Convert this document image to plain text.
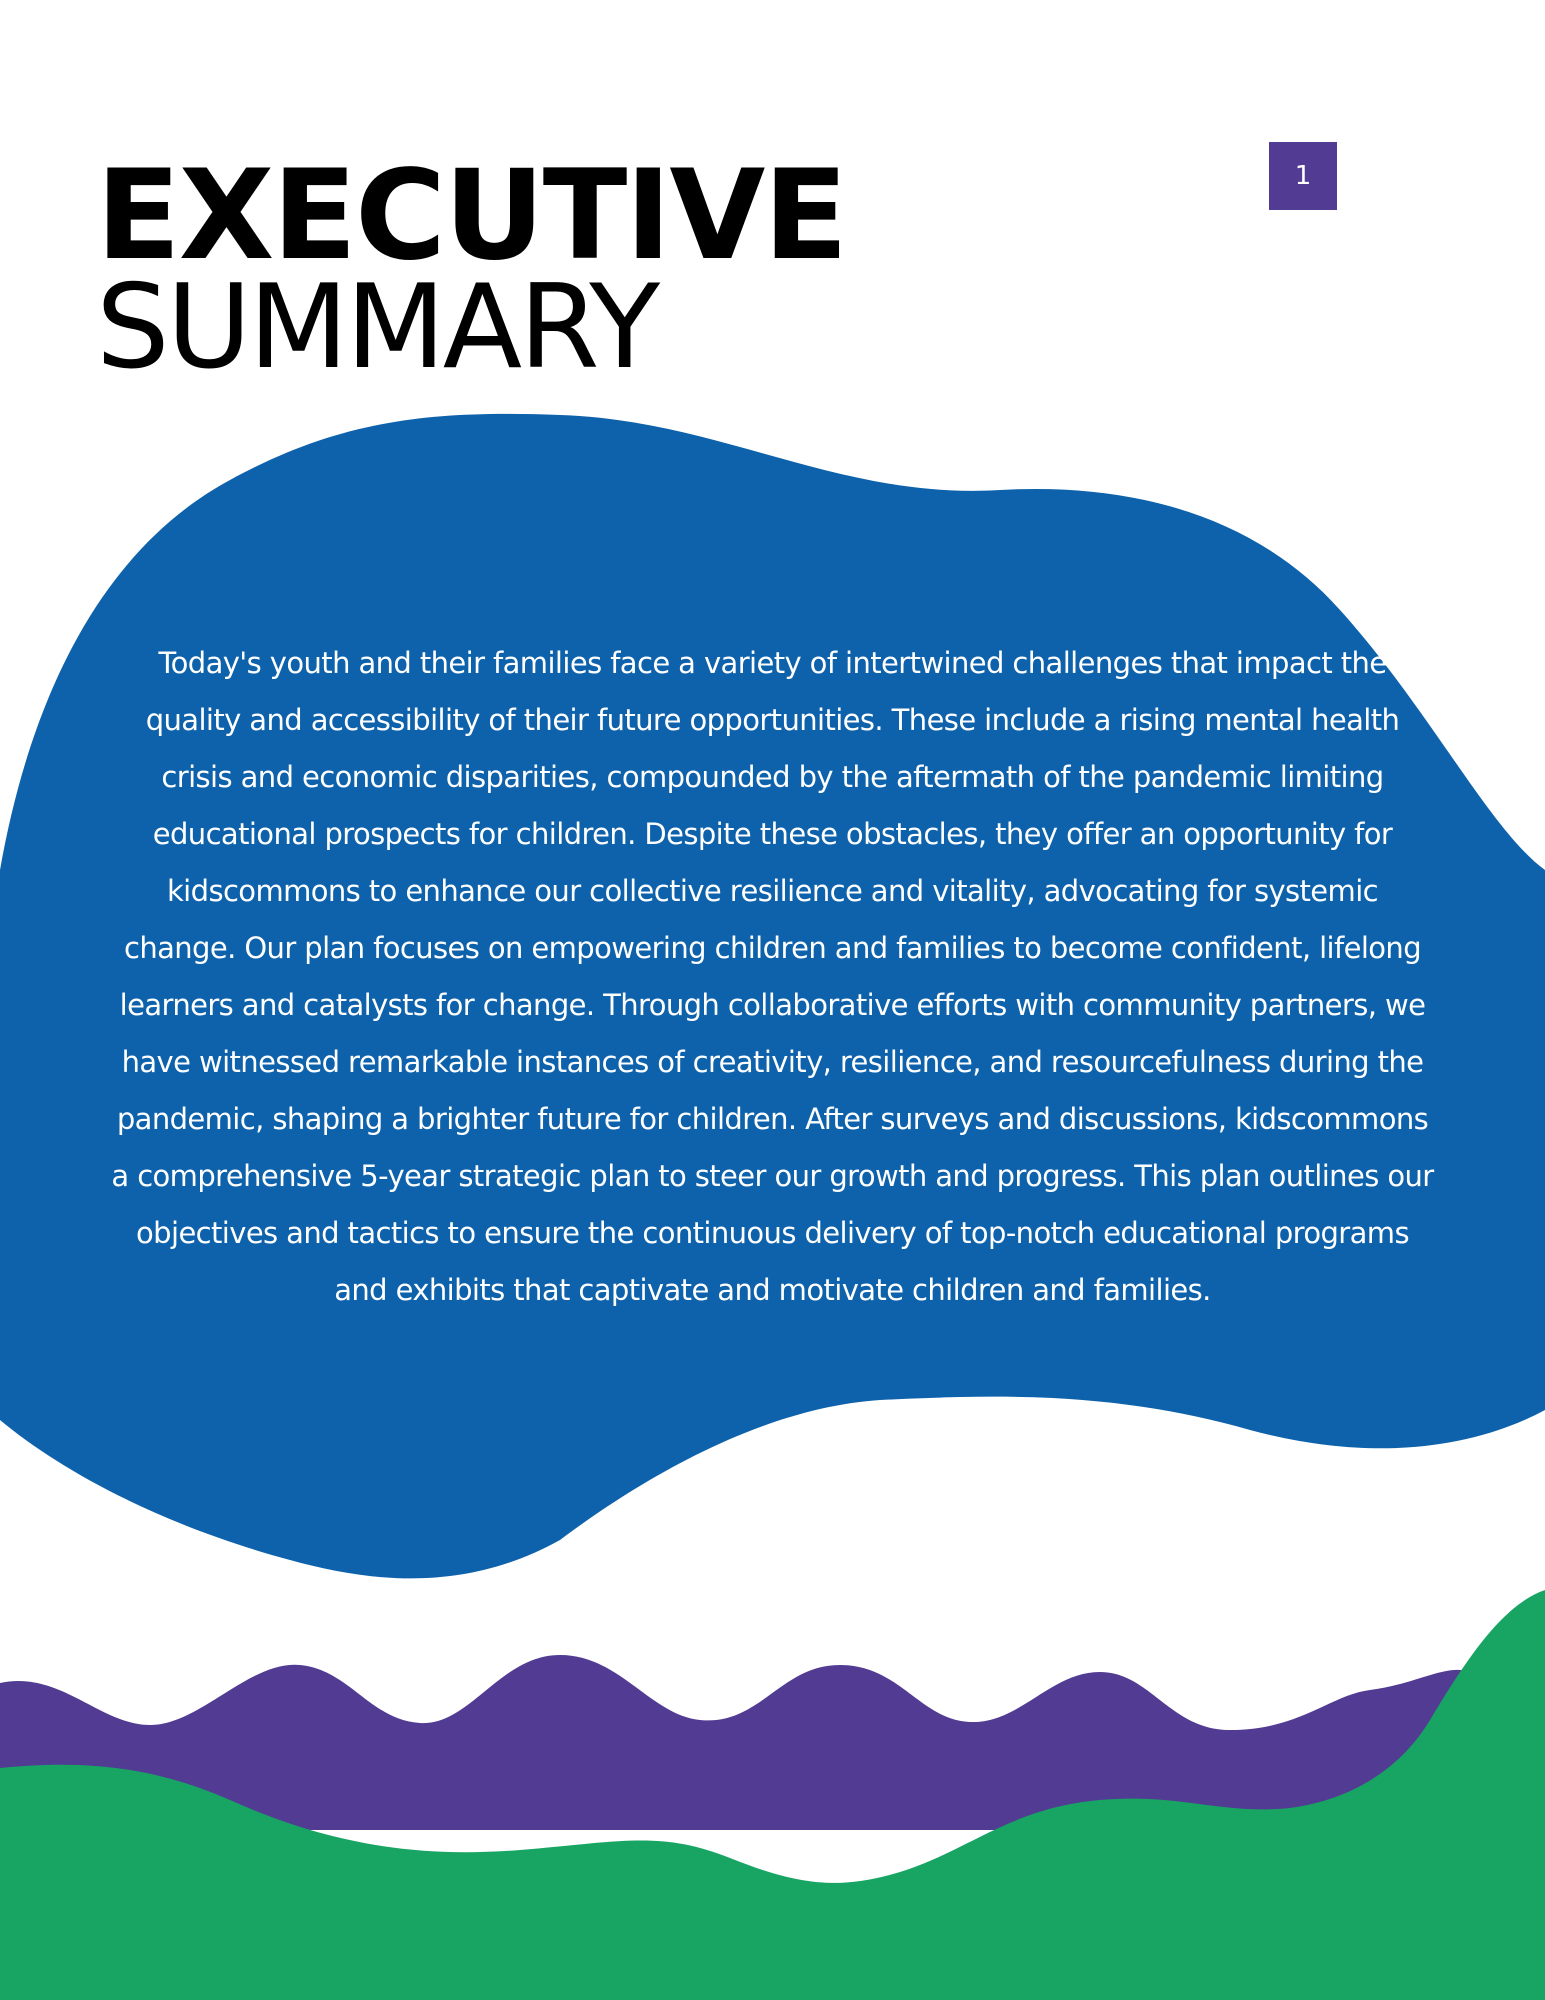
1
EXECUTIVE
SUMMARY

Today's youth and their families face a variety of intertwined challenges that impact the quality and accessibility of their future opportunities. These include a rising mental health crisis and economic disparities, compounded by the aftermath of the pandemic limiting educational prospects for children. Despite these obstacles, they offer an opportunity for kidscommons to enhance our collective resilience and vitality, advocating for systemic change. Our plan focuses on empowering children and families to become confident, lifelong learners and catalysts for change. Through collaborative efforts with community partners, we have witnessed remarkable instances of creativity, resilience, and resourcefulness during the pandemic, shaping a brighter future for children. After surveys and discussions, kidscommons a comprehensive 5-year strategic plan to steer our growth and progress. This plan outlines our objectives and tactics to ensure the continuous delivery of top-notch educational programs and exhibits that captivate and motivate children and families.
